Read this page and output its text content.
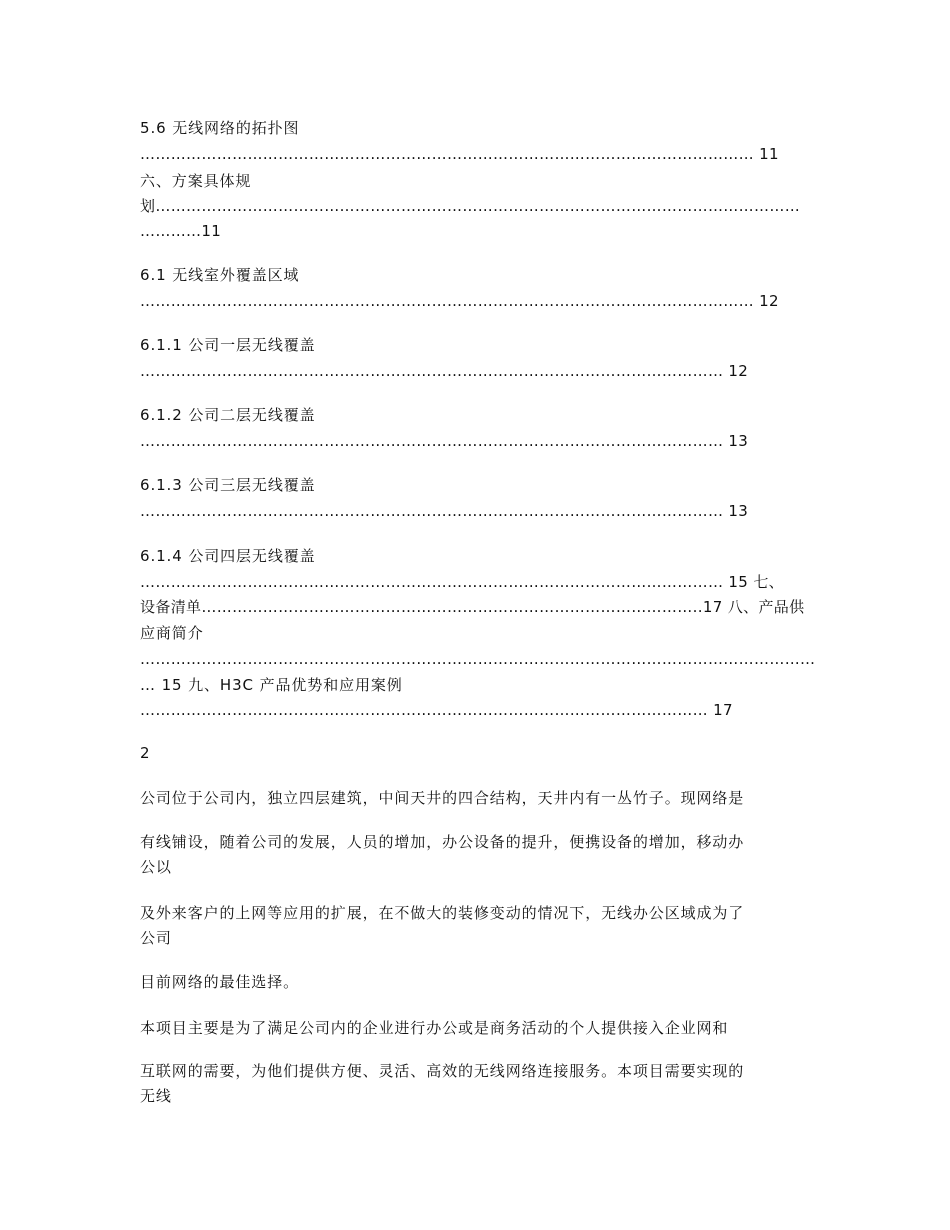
5.6 无线网络的拓扑图
………………………………………………………………………………………………………… 11
六、方案具体规
划………………………………………………………………………………………………………………
…………11
6.1 无线室外覆盖区域
………………………………………………………………………………………………………… 12
6.1.1 公司一层无线覆盖
…………………………………………………………………………………………………… 12
6.1.2 公司二层无线覆盖
…………………………………………………………………………………………………… 13
6.1.3 公司三层无线覆盖
…………………………………………………………………………………………………… 13
6.1.4 公司四层无线覆盖
…………………………………………………………………………………………………… 15 七、
设备清单……………………………………………………………………………………..17 八、产品供
应商简介
……………………………………………………………………………………………………………………
… 15 九、H3C 产品优势和应用案例
………………………………………………………………………………………………… 17
2
公司位于公司内，独立四层建筑，中间天井的四合结构，天井内有一丛竹子。现网络是
有线铺设，随着公司的发展，人员的增加，办公设备的提升，便携设备的增加，移动办
公以
及外来客户的上网等应用的扩展，在不做大的装修变动的情况下，无线办公区域成为了
公司
目前网络的最佳选择。
本项目主要是为了满足公司内的企业进行办公或是商务活动的个人提供接入企业网和
互联网的需要，为他们提供方便、灵活、高效的无线网络连接服务。本项目需要实现的
无线
